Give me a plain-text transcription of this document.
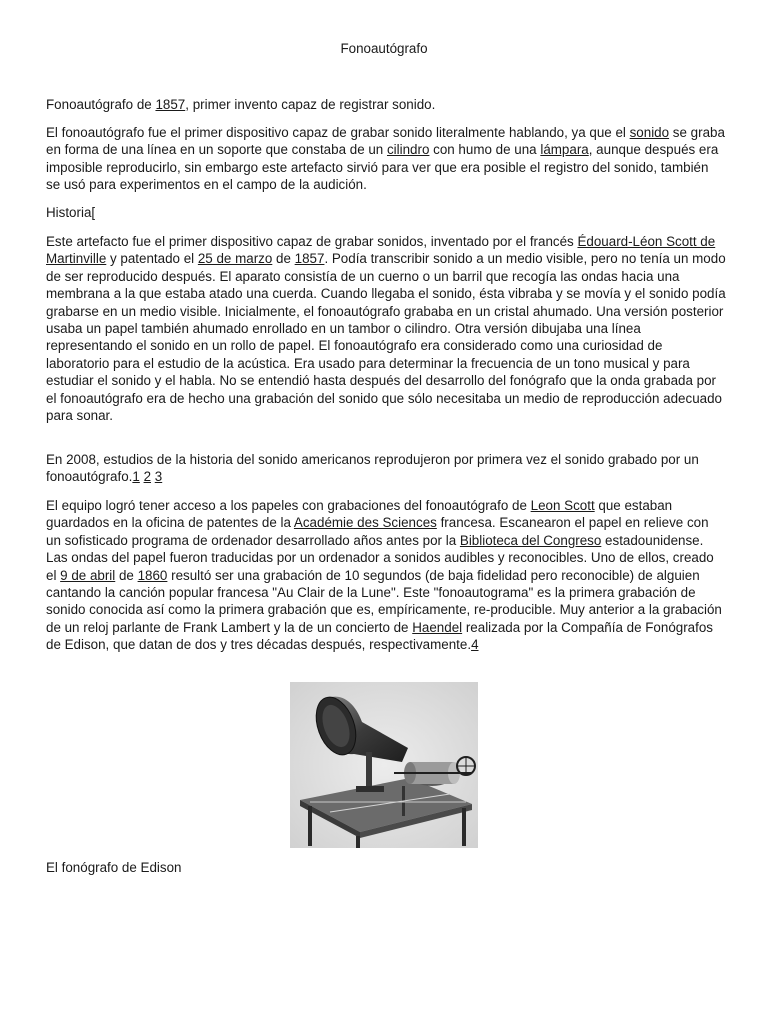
Fonoautógrafo

Fonoautógrafo de 1857, primer invento capaz de registrar sonido.

El fonoautógrafo fue el primer dispositivo capaz de grabar sonido literalmente hablando, ya que el sonido se graba en forma de una línea en un soporte que constaba de un cilindro con humo de una lámpara, aunque después era imposible reproducirlo, sin embargo este artefacto sirvió para ver que era posible el registro del sonido, también se usó para experimentos en el campo de la audición.

Historia[

Este artefacto fue el primer dispositivo capaz de grabar sonidos, inventado por el francés Édouard-Léon Scott de Martinville y patentado el 25 de marzo de 1857. Podía transcribir sonido a un medio visible, pero no tenía un modo de ser reproducido después. El aparato consistía de un cuerno o un barril que recogía las ondas hacia una membrana a la que estaba atado una cuerda. Cuando llegaba el sonido, ésta vibraba y se movía y el sonido podía grabarse en un medio visible. Inicialmente, el fonoautógrafo grababa en un cristal ahumado. Una versión posterior usaba un papel también ahumado enrollado en un tambor o cilindro. Otra versión dibujaba una línea representando el sonido en un rollo de papel. El fonoautógrafo era considerado como una curiosidad de laboratorio para el estudio de la acústica. Era usado para determinar la frecuencia de un tono musical y para estudiar el sonido y el habla. No se entendió hasta después del desarrollo del fonógrafo que la onda grabada por el fonoautógrafo era de hecho una grabación del sonido que sólo necesitaba un medio de reproducción adecuado para sonar.

En 2008, estudios de la historia del sonido americanos reprodujeron por primera vez el sonido grabado por un fonoautógrafo.1 2 3

El equipo logró tener acceso a los papeles con grabaciones del fonoautógrafo de Leon Scott que estaban guardados en la oficina de patentes de la Académie des Sciences francesa. Escanearon el papel en relieve con un sofisticado programa de ordenador desarrollado años antes por la Biblioteca del Congreso estadounidense. Las ondas del papel fueron traducidas por un ordenador a sonidos audibles y reconocibles. Uno de ellos, creado el 9 de abril de 1860 resultó ser una grabación de 10 segundos (de baja fidelidad pero reconocible) de alguien cantando la canción popular francesa "Au Clair de la Lune". Este "fonoautograma" es la primera grabación de sonido conocida así como la primera grabación que es, empíricamente, re-producible. Muy anterior a la grabación de un reloj parlante de Frank Lambert y la de un concierto de Haendel realizada por la Compañía de Fonógrafos de Edison, que datan de dos y tres décadas después, respectivamente.4

El fonógrafo de Edison
